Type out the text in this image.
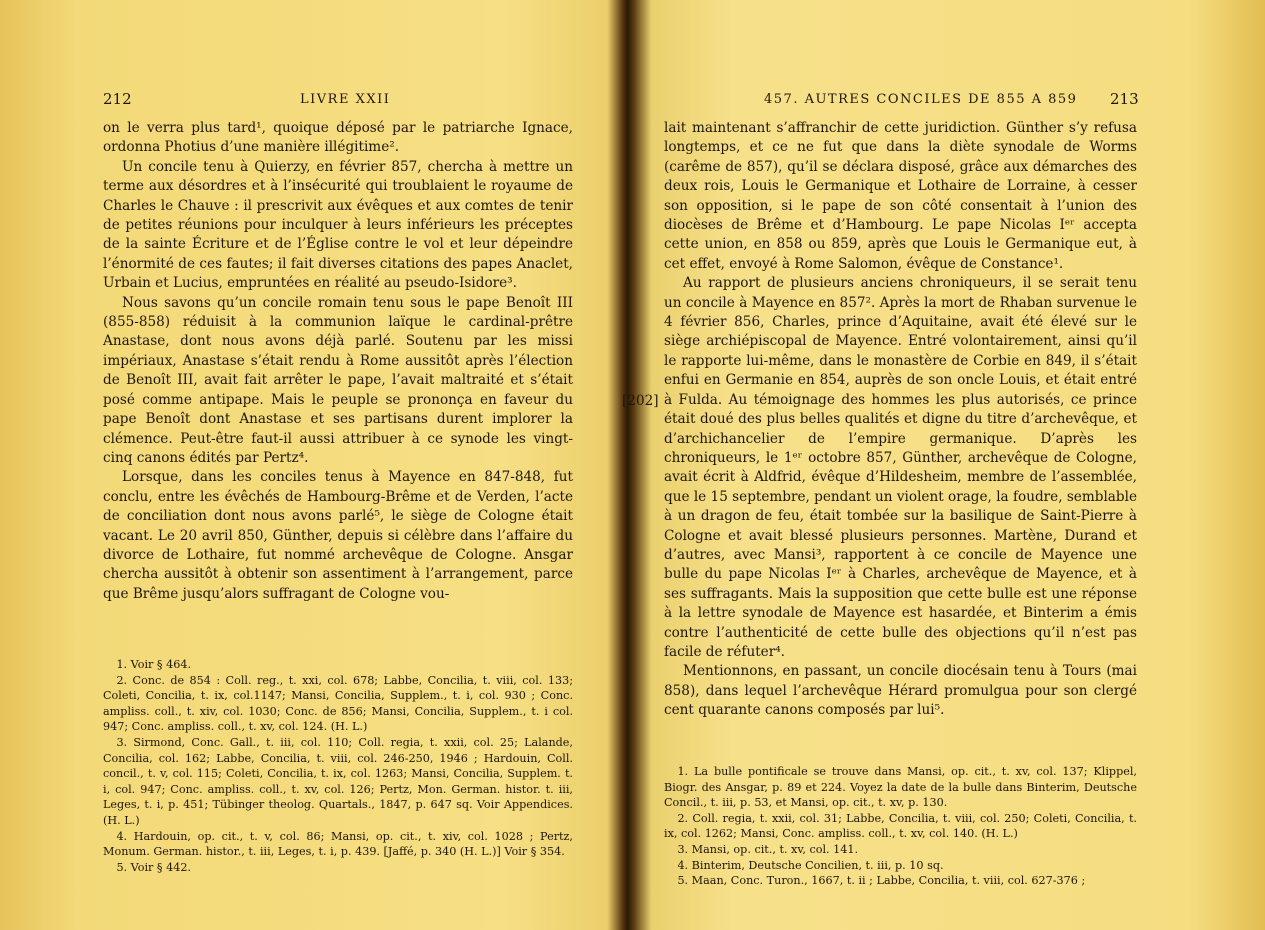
212	LIVRE XXII

on le verra plus tard¹, quoique déposé par le patriarche Ignace, ordonna Photius d’une manière illégitime².

Un concile tenu à Quierzy, en février 857, chercha à mettre un terme aux désordres et à l’insécurité qui troublaient le royaume de Charles le Chauve : il prescrivit aux évêques et aux comtes de tenir de petites réunions pour inculquer à leurs inférieurs les préceptes de la sainte Écriture et de l’Église contre le vol et leur dépeindre l’énormité de ces fautes; il fait diverses citations des papes Anaclet, Urbain et Lucius, empruntées en réalité au pseudo-Isidore³.

Nous savons qu’un concile romain tenu sous le pape Benoît III (855-858) réduisit à la communion laïque le cardinal-prêtre Anastase, dont nous avons déjà parlé. Soutenu par les missi impériaux, Anastase s’était rendu à Rome aussitôt après l’élection de Benoît III, avait fait arrêter le pape, l’avait maltraité et s’était posé comme antipape. Mais le peuple se prononça en faveur du pape Benoît dont Anastase et ses partisans durent implorer la clémence. Peut-être faut-il aussi attribuer à ce synode les vingt-cinq canons édités par Pertz⁴.

Lorsque, dans les conciles tenus à Mayence en 847-848, fut conclu, entre les évêchés de Hambourg-Brême et de Verden, l’acte de conciliation dont nous avons parlé⁵, le siège de Cologne était vacant. Le 20 avril 850, Günther, depuis si célèbre dans l’affaire du divorce de Lothaire, fut nommé archevêque de Cologne. Ansgar chercha aussitôt à obtenir son assentiment à l’arrangement, parce que Brême jusqu’alors suffragant de Cologne vou-

1. Voir § 464.
2. Conc. de 854 : Coll. reg., t. xxi, col. 678; Labbe, Concilia, t. viii, col. 133; Coleti, Concilia, t. ix, col.1147; Mansi, Concilia, Supplem., t. i, col. 930 ; Conc. ampliss. coll., t. xiv, col. 1030; Conc. de 856; Mansi, Concilia, Supplem., t. i col. 947; Conc. ampliss. coll., t. xv, col. 124. (H. L.)
3. Sirmond, Conc. Gall., t. iii, col. 110; Coll. regia, t. xxii, col. 25; Lalande, Concilia, col. 162; Labbe, Concilia, t. viii, col. 246-250, 1946 ; Hardouin, Coll. concil., t. v, col. 115; Coleti, Concilia, t. ix, col. 1263; Mansi, Concilia, Supplem. t. i, col. 947; Conc. ampliss. coll., t. xv, col. 126; Pertz, Mon. German. histor. t. iii, Leges, t. i, p. 451; Tübinger theolog. Quartals., 1847, p. 647 sq. Voir Appendices. (H. L.)
4. Hardouin, op. cit., t. v, col. 86; Mansi, op. cit., t. xiv, col. 1028 ; Pertz, Monum. German. histor., t. iii, Leges, t. i, p. 439. [Jaffé, p. 340 (H. L.)] Voir § 354.
5. Voir § 442.
457. AUTRES CONCILES DE 855 A 859 213
[202]

lait maintenant s’affranchir de cette juridiction. Günther s’y refusa longtemps, et ce ne fut que dans la diète synodale de Worms (carême de 857), qu’il se déclara disposé, grâce aux démarches des deux rois, Louis le Germanique et Lothaire de Lorraine, à cesser son opposition, si le pape de son côté consentait à l’union des diocèses de Brême et d’Hambourg. Le pape Nicolas Iᵉʳ accepta cette union, en 858 ou 859, après que Louis le Germanique eut, à cet effet, envoyé à Rome Salomon, évêque de Constance¹.

Au rapport de plusieurs anciens chroniqueurs, il se serait tenu un concile à Mayence en 857². Après la mort de Rhaban survenue le 4 février 856, Charles, prince d’Aquitaine, avait été élevé sur le siège archiépiscopal de Mayence. Entré volontairement, ainsi qu’il le rapporte lui-même, dans le monastère de Corbie en 849, il s’était enfui en Germanie en 854, auprès de son oncle Louis, et était entré à Fulda. Au témoignage des hommes les plus autorisés, ce prince était doué des plus belles qualités et digne du titre d’archevêque, et d’archichancelier de l’empire germanique. D’après les chroniqueurs, le 1ᵉʳ octobre 857, Günther, archevêque de Cologne, avait écrit à Aldfrid, évêque d’Hildesheim, membre de l’assemblée, que le 15 septembre, pendant un violent orage, la foudre, semblable à un dragon de feu, était tombée sur la basilique de Saint-Pierre à Cologne et avait blessé plusieurs personnes. Martène, Durand et d’autres, avec Mansi³, rapportent à ce concile de Mayence une bulle du pape Nicolas Iᵉʳ à Charles, archevêque de Mayence, et à ses suffragants. Mais la supposition que cette bulle est une réponse à la lettre synodale de Mayence est hasardée, et Binterim a émis contre l’authenticité de cette bulle des objections qu’il n’est pas facile de réfuter⁴.

Mentionnons, en passant, un concile diocésain tenu à Tours (mai 858), dans lequel l’archevêque Hérard promulgua pour son clergé cent quarante canons composés par lui⁵.

1. La bulle pontificale se trouve dans Mansi, op. cit., t. xv, col. 137; Klippel, Biogr. des Ansgar, p. 89 et 224. Voyez la date de la bulle dans Binterim, Deutsche Concil., t. iii, p. 53, et Mansi, op. cit., t. xv, p. 130.
2. Coll. regia, t. xxii, col. 31; Labbe, Concilia, t. viii, col. 250; Coleti, Concilia, t. ix, col. 1262; Mansi, Conc. ampliss. coll., t. xv, col. 140. (H. L.)
3. Mansi, op. cit., t. xv, col. 141.
4. Binterim, Deutsche Concilien, t. iii, p. 10 sq.
5. Maan, Conc. Turon., 1667, t. ii ; Labbe, Concilia, t. viii, col. 627-376 ;
